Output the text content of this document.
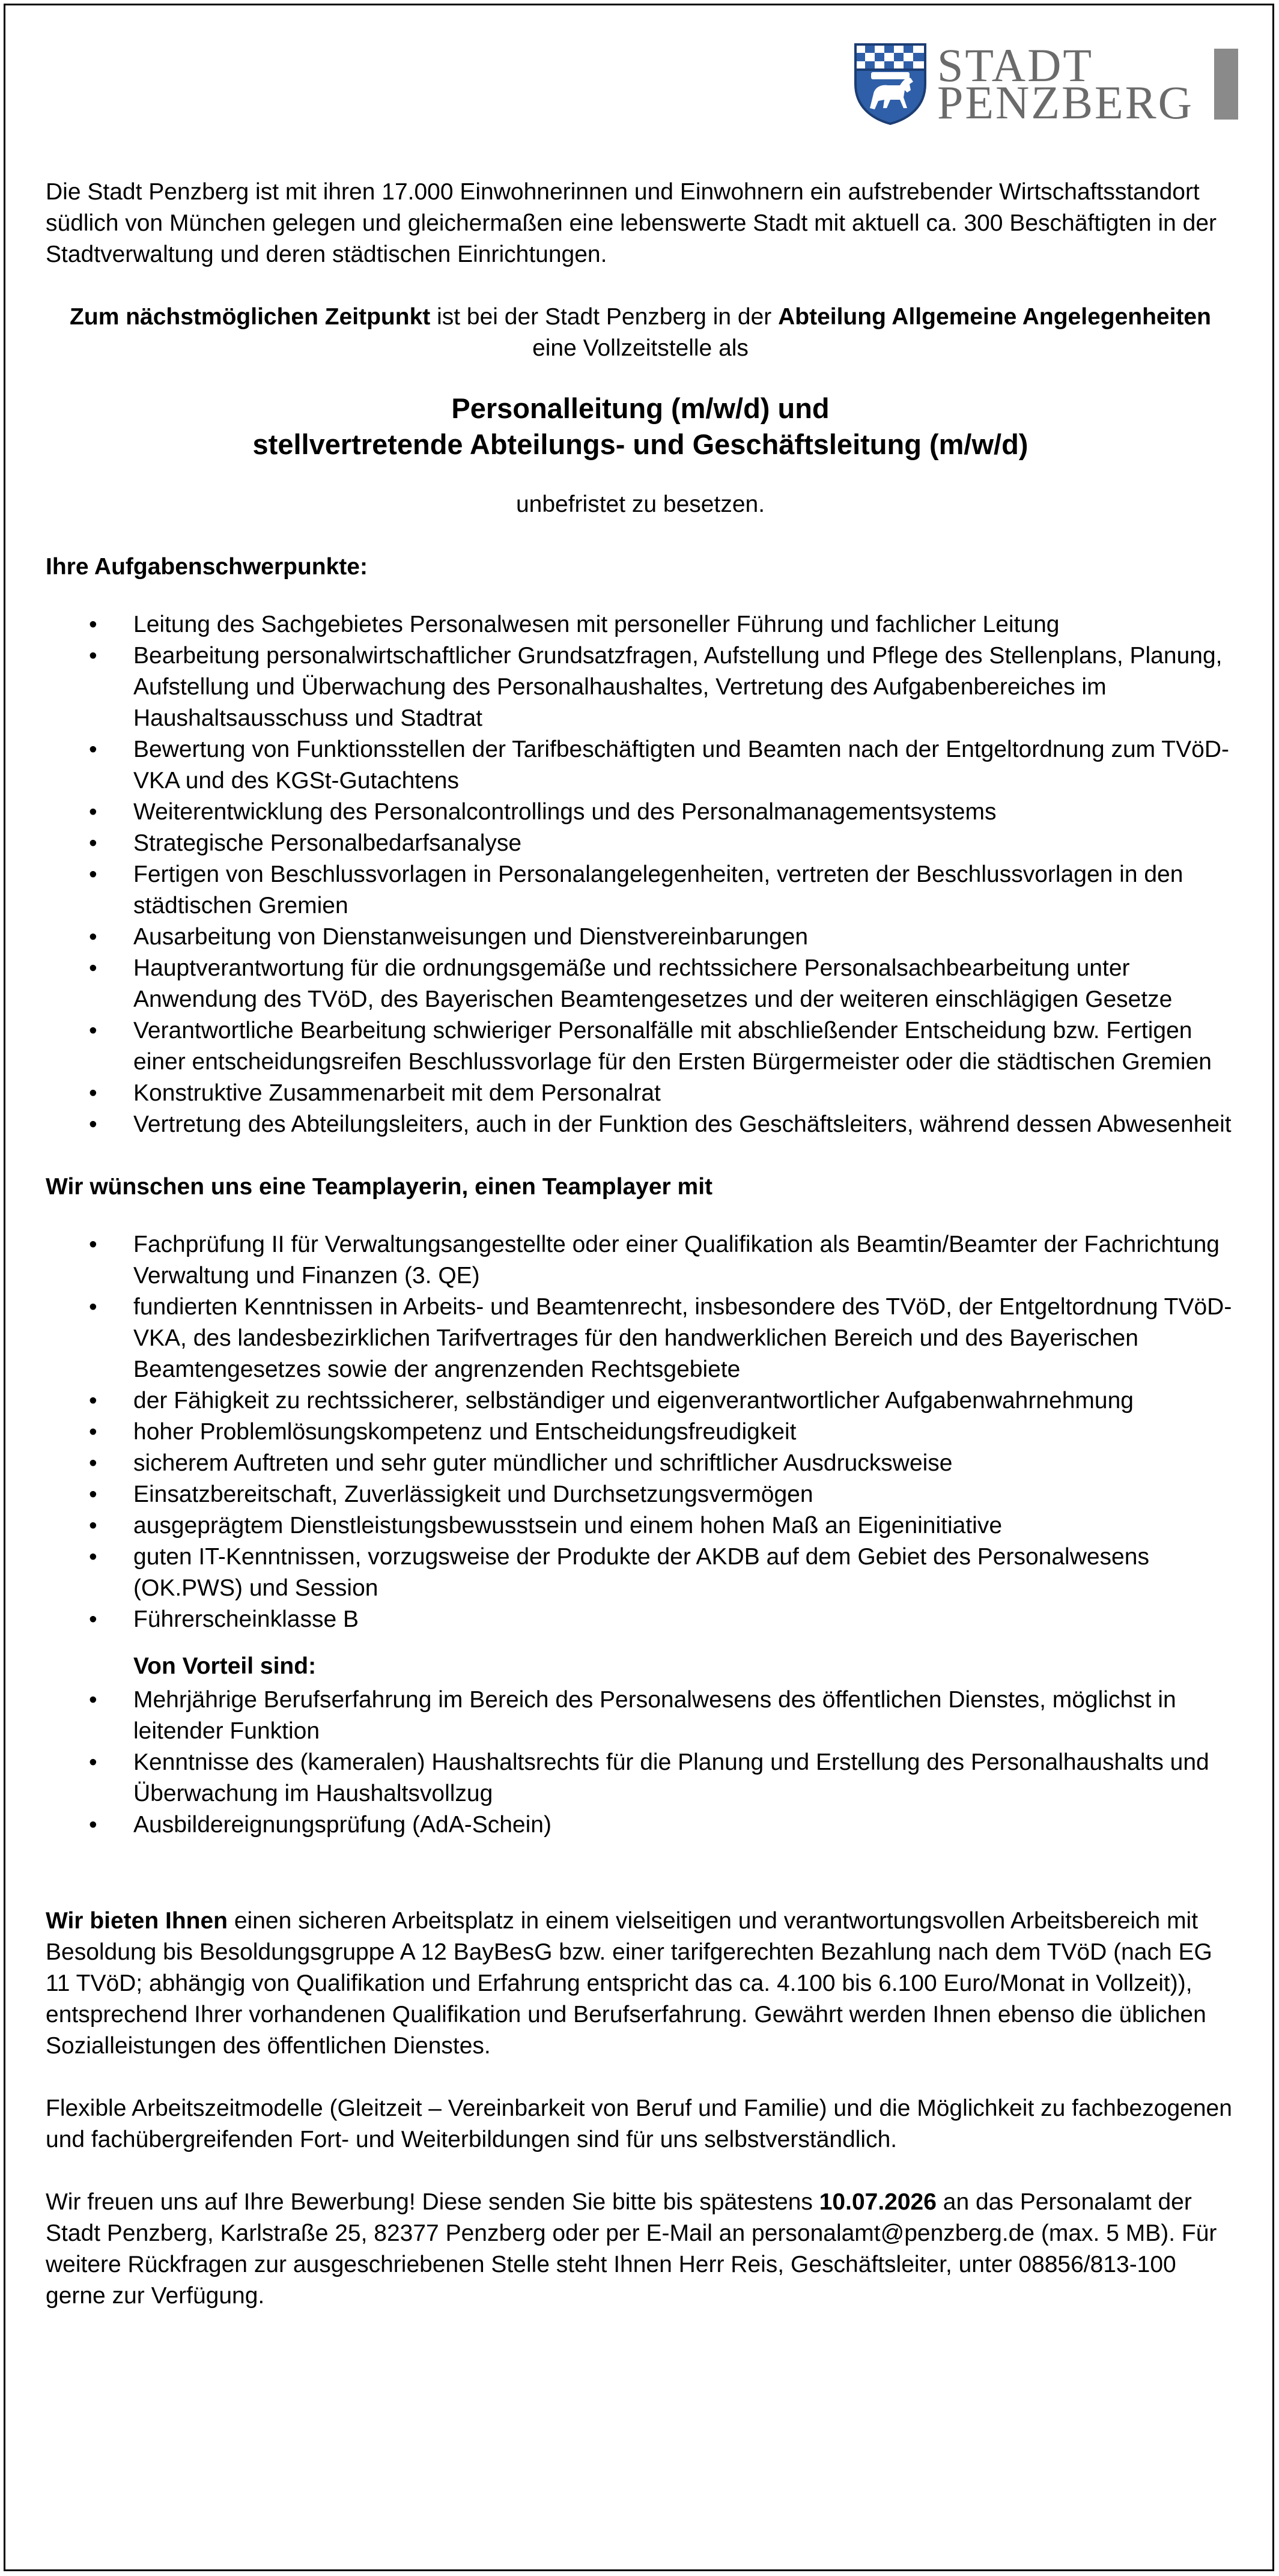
STADT
PENZBERG

Die Stadt Penzberg ist mit ihren 17.000 Einwohnerinnen und Einwohnern ein aufstrebender Wirtschaftsstandort südlich von München gelegen und gleichermaßen eine lebenswerte Stadt mit aktuell ca. 300 Beschäftigten in der Stadtverwaltung und deren städtischen Einrichtungen.

Zum nächstmöglichen Zeitpunkt ist bei der Stadt Penzberg in der Abteilung Allgemeine Angelegenheiten eine Vollzeitstelle als

Personalleitung (m/w/d) und
stellvertretende Abteilungs- und Geschäftsleitung (m/w/d)

unbefristet zu besetzen.

Ihre Aufgabenschwerpunkte:

• Leitung des Sachgebietes Personalwesen mit personeller Führung und fachlicher Leitung
• Bearbeitung personalwirtschaftlicher Grundsatzfragen, Aufstellung und Pflege des Stellenplans, Planung, Aufstellung und Überwachung des Personalhaushaltes, Vertretung des Aufgabenbereiches im Haushaltsausschuss und Stadtrat
• Bewertung von Funktionsstellen der Tarifbeschäftigten und Beamten nach der Entgeltordnung zum TVöD-VKA und des KGSt-Gutachtens
• Weiterentwicklung des Personalcontrollings und des Personalmanagementsystems
• Strategische Personalbedarfsanalyse
• Fertigen von Beschlussvorlagen in Personalangelegenheiten, vertreten der Beschlussvorlagen in den städtischen Gremien
• Ausarbeitung von Dienstanweisungen und Dienstvereinbarungen
• Hauptverantwortung für die ordnungsgemäße und rechtssichere Personalsachbearbeitung unter Anwendung des TVöD, des Bayerischen Beamtengesetzes und der weiteren einschlägigen Gesetze
• Verantwortliche Bearbeitung schwieriger Personalfälle mit abschließender Entscheidung bzw. Fertigen einer entscheidungsreifen Beschlussvorlage für den Ersten Bürgermeister oder die städtischen Gremien
• Konstruktive Zusammenarbeit mit dem Personalrat
• Vertretung des Abteilungsleiters, auch in der Funktion des Geschäftsleiters, während dessen Abwesenheit

Wir wünschen uns eine Teamplayerin, einen Teamplayer mit

• Fachprüfung II für Verwaltungsangestellte oder einer Qualifikation als Beamtin/Beamter der Fachrichtung Verwaltung und Finanzen (3. QE)
• fundierten Kenntnissen in Arbeits- und Beamtenrecht, insbesondere des TVöD, der Entgeltordnung TVöD-VKA, des landesbezirklichen Tarifvertrages für den handwerklichen Bereich und des Bayerischen Beamtengesetzes sowie der angrenzenden Rechtsgebiete
• der Fähigkeit zu rechtssicherer, selbständiger und eigenverantwortlicher Aufgabenwahrnehmung
• hoher Problemlösungskompetenz und Entscheidungsfreudigkeit
• sicherem Auftreten und sehr guter mündlicher und schriftlicher Ausdrucksweise
• Einsatzbereitschaft, Zuverlässigkeit und Durchsetzungsvermögen
• ausgeprägtem Dienstleistungsbewusstsein und einem hohen Maß an Eigeninitiative
• guten IT-Kenntnissen, vorzugsweise der Produkte der AKDB auf dem Gebiet des Personalwesens (OK.PWS) und Session
• Führerscheinklasse B

Von Vorteil sind:

• Mehrjährige Berufserfahrung im Bereich des Personalwesens des öffentlichen Dienstes, möglichst in leitender Funktion
• Kenntnisse des (kameralen) Haushaltsrechts für die Planung und Erstellung des Personalhaushalts und Überwachung im Haushaltsvollzug
• Ausbildereignungsprüfung (AdA-Schein)

Wir bieten Ihnen einen sicheren Arbeitsplatz in einem vielseitigen und verantwortungsvollen Arbeitsbereich mit Besoldung bis Besoldungsgruppe A 12 BayBesG bzw. einer tarifgerechten Bezahlung nach dem TVöD (nach EG 11 TVöD; abhängig von Qualifikation und Erfahrung entspricht das ca. 4.100 bis 6.100 Euro/Monat in Vollzeit)), entsprechend Ihrer vorhandenen Qualifikation und Berufserfahrung. Gewährt werden Ihnen ebenso die üblichen Sozialleistungen des öffentlichen Dienstes.

Flexible Arbeitszeitmodelle (Gleitzeit – Vereinbarkeit von Beruf und Familie) und die Möglichkeit zu fachbezogenen und fachübergreifenden Fort- und Weiterbildungen sind für uns selbstverständlich.

Wir freuen uns auf Ihre Bewerbung! Diese senden Sie bitte bis spätestens 10.07.2026 an das Personalamt der Stadt Penzberg, Karlstraße 25, 82377 Penzberg oder per E-Mail an personalamt@penzberg.de (max. 5 MB). Für weitere Rückfragen zur ausgeschriebenen Stelle steht Ihnen Herr Reis, Geschäftsleiter, unter 08856/813-100 gerne zur Verfügung.
